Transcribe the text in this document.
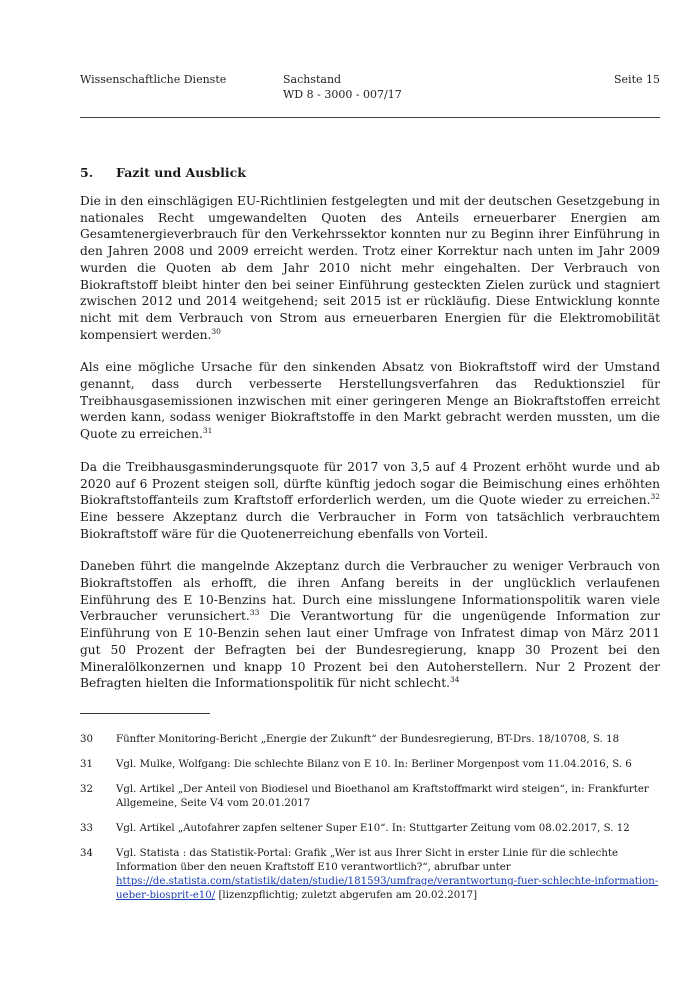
Wissenschaftliche Dienste	Sachstand
WD 8 - 3000 - 007/17
Seite 15
5. Fazit und Ausblick

Die in den einschlägigen EU-Richtlinien festgelegten und mit der deutschen Gesetzgebung in nationales Recht umgewandelten Quoten des Anteils erneuerbarer Energien am Gesamtenergieverbrauch für den Verkehrssektor konnten nur zu Beginn ihrer Einführung in den Jahren 2008 und 2009 erreicht werden. Trotz einer Korrektur nach unten im Jahr 2009 wurden die Quoten ab dem Jahr 2010 nicht mehr eingehalten. Der Verbrauch von Biokraftstoff bleibt hinter den bei seiner Einführung gesteckten Zielen zurück und stagniert zwischen 2012 und 2014 weitgehend; seit 2015 ist er rückläufig. Diese Entwicklung konnte nicht mit dem Verbrauch von Strom aus erneuerbaren Energien für die Elektromobilität kompensiert werden.$^{30}$

Als eine mögliche Ursache für den sinkenden Absatz von Biokraftstoff wird der Umstand genannt, dass durch verbesserte Herstellungsverfahren das Reduktionsziel für Treibhausgasemissionen inzwischen mit einer geringeren Menge an Biokraftstoffen erreicht werden kann, sodass weniger Biokraftstoffe in den Markt gebracht werden mussten, um die Quote zu erreichen.$^{31}$

Da die Treibhausgasminderungsquote für 2017 von 3,5 auf 4 Prozent erhöht wurde und ab 2020 auf 6 Prozent steigen soll, dürfte künftig jedoch sogar die Beimischung eines erhöhten Biokraftstoffanteils zum Kraftstoff erforderlich werden, um die Quote wieder zu erreichen.$^{32}$ Eine bessere Akzeptanz durch die Verbraucher in Form von tatsächlich verbrauchtem Biokraftstoff wäre für die Quotenerreichung ebenfalls von Vorteil.

Daneben führt die mangelnde Akzeptanz durch die Verbraucher zu weniger Verbrauch von Biokraftstoffen als erhofft, die ihren Anfang bereits in der unglücklich verlaufenen Einführung des E 10-Benzins hat. Durch eine misslungene Informationspolitik waren viele Verbraucher verunsichert.$^{33}$ Die Verantwortung für die ungenügende Information zur Einführung von E 10-Benzin sehen laut einer Umfrage von Infratest dimap von März 2011 gut 50 Prozent der Befragten bei der Bundesregierung, knapp 30 Prozent bei den Mineralölkonzernen und knapp 10 Prozent bei den Autoherstellern. Nur 2 Prozent der Befragten hielten die Informationspolitik für nicht schlecht.$^{34}$

30	Fünfter Monitoring-Bericht „Energie der Zukunft“ der Bundesregierung, BT-Drs. 18/10708, S. 18
31	Vgl. Mulke, Wolfgang: Die schlechte Bilanz von E 10. In: Berliner Morgenpost vom 11.04.2016, S. 6
32	Vgl. Artikel „Der Anteil von Biodiesel und Bioethanol am Kraftstoffmarkt wird steigen“, in: Frankfurter Allgemeine, Seite V4 vom 20.01.2017
33	Vgl. Artikel „Autofahrer zapfen seltener Super E10“. In: Stuttgarter Zeitung vom 08.02.2017, S. 12
34	Vgl. Statista : das Statistik-Portal: Grafik „Wer ist aus Ihrer Sicht in erster Linie für die schlechte Information über den neuen Kraftstoff E10 verantwortlich?“, abrufbar unter https://de.statista.com/statistik/daten/studie/181593/umfrage/verantwortung-fuer-schlechte-information-ueber-biosprit-e10/ [lizenzpflichtig; zuletzt abgerufen am 20.02.2017]
